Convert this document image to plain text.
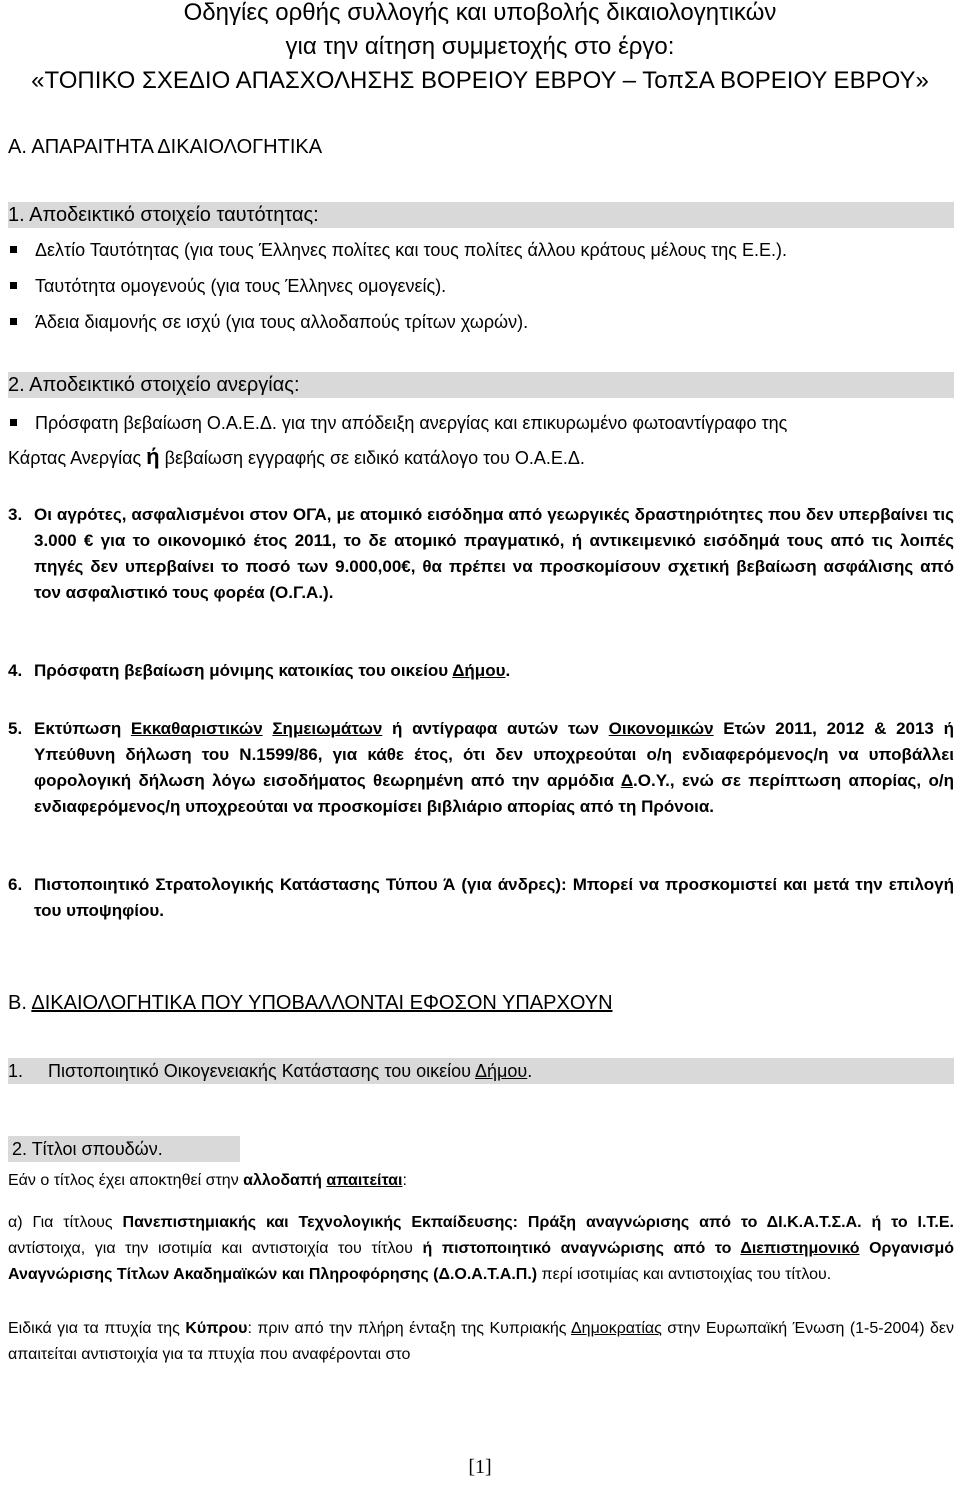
Οδηγίες ορθής συλλογής και υποβολής δικαιολογητικών
για την αίτηση συμμετοχής στο έργο:
«ΤΟΠΙΚΟ ΣΧΕΔΙΟ ΑΠΑΣΧΟΛΗΣΗΣ ΒΟΡΕΙΟΥ ΕΒΡΟΥ – ΤοπΣΑ ΒΟΡΕΙΟΥ ΕΒΡΟΥ»
Α. ΑΠΑΡΑΙΤΗΤΑ ΔΙΚΑΙΟΛΟΓΗΤΙΚΑ
1. Αποδεικτικό στοιχείο ταυτότητας:
Δελτίο Ταυτότητας (για τους Έλληνες πολίτες και τους πολίτες άλλου κράτους μέλους της Ε.Ε.).
Ταυτότητα ομογενούς (για τους Έλληνες ομογενείς).
Άδεια διαμονής σε ισχύ (για τους αλλοδαπούς τρίτων χωρών).
2. Αποδεικτικό στοιχείο ανεργίας:
Πρόσφατη βεβαίωση Ο.Α.Ε.Δ. για την απόδειξη ανεργίας και επικυρωμένο φωτοαντίγραφο της
Κάρτας Ανεργίας ή βεβαίωση εγγραφής σε ειδικό κατάλογο του Ο.Α.Ε.Δ.
3. Οι αγρότες, ασφαλισμένοι στον ΟΓΑ, με ατομικό εισόδημα από γεωργικές δραστηριότητες που δεν υπερβαίνει τις 3.000 € για το οικονομικό έτος 2011, το δε ατομικό πραγματικό, ή αντικειμενικό εισόδημά τους από τις λοιπές πηγές δεν υπερβαίνει το ποσό των 9.000,00€, θα πρέπει να προσκομίσουν σχετική βεβαίωση ασφάλισης από τον ασφαλιστικό τους φορέα (Ο.Γ.Α.).
4. Πρόσφατη βεβαίωση μόνιμης κατοικίας του οικείου Δήμου.
5. Εκτύπωση Εκκαθαριστικών Σημειωμάτων ή αντίγραφα αυτών των Οικονομικών Ετών 2011, 2012 & 2013 ή Υπεύθυνη δήλωση του Ν.1599/86, για κάθε έτος, ότι δεν υποχρεούται ο/η ενδιαφερόμενος/η να υποβάλλει φορολογική δήλωση λόγω εισοδήματος θεωρημένη από την αρμόδια Δ.Ο.Υ., ενώ σε περίπτωση απορίας, ο/η ενδιαφερόμενος/η υποχρεούται να προσκομίσει βιβλιάριο απορίας από τη Πρόνοια.
6. Πιστοποιητικό Στρατολογικής Κατάστασης Τύπου Ά (για άνδρες): Μπορεί να προσκομιστεί και μετά την επιλογή του υποψηφίου.
Β. ΔΙΚΑΙΟΛΟΓΗΤΙΚΑ ΠΟΥ ΥΠΟΒΑΛΛΟΝΤΑΙ ΕΦΟΣΟΝ ΥΠΑΡΧΟΥΝ
1. Πιστοποιητικό Οικογενειακής Κατάστασης του οικείου Δήμου.
2. Τίτλοι σπουδών.
Εάν ο τίτλος έχει αποκτηθεί στην αλλοδαπή απαιτείται:
α) Για τίτλους Πανεπιστημιακής και Τεχνολογικής Εκπαίδευσης: Πράξη αναγνώρισης από το ΔΙ.Κ.Α.Τ.Σ.Α. ή το Ι.Τ.Ε. αντίστοιχα, για την ισοτιμία και αντιστοιχία του τίτλου ή πιστοποιητικό αναγνώρισης από το Διεπιστημονικό Οργανισμό Αναγνώρισης Τίτλων Ακαδημαϊκών και Πληροφόρησης (Δ.Ο.Α.Τ.Α.Π.) περί ισοτιμίας και αντιστοιχίας του τίτλου.
Ειδικά για τα πτυχία της Κύπρου: πριν από την πλήρη ένταξη της Κυπριακής Δημοκρατίας στην Ευρωπαϊκή Ένωση (1-5-2004) δεν απαιτείται αντιστοιχία για τα πτυχία που αναφέρονται στο
[1]
